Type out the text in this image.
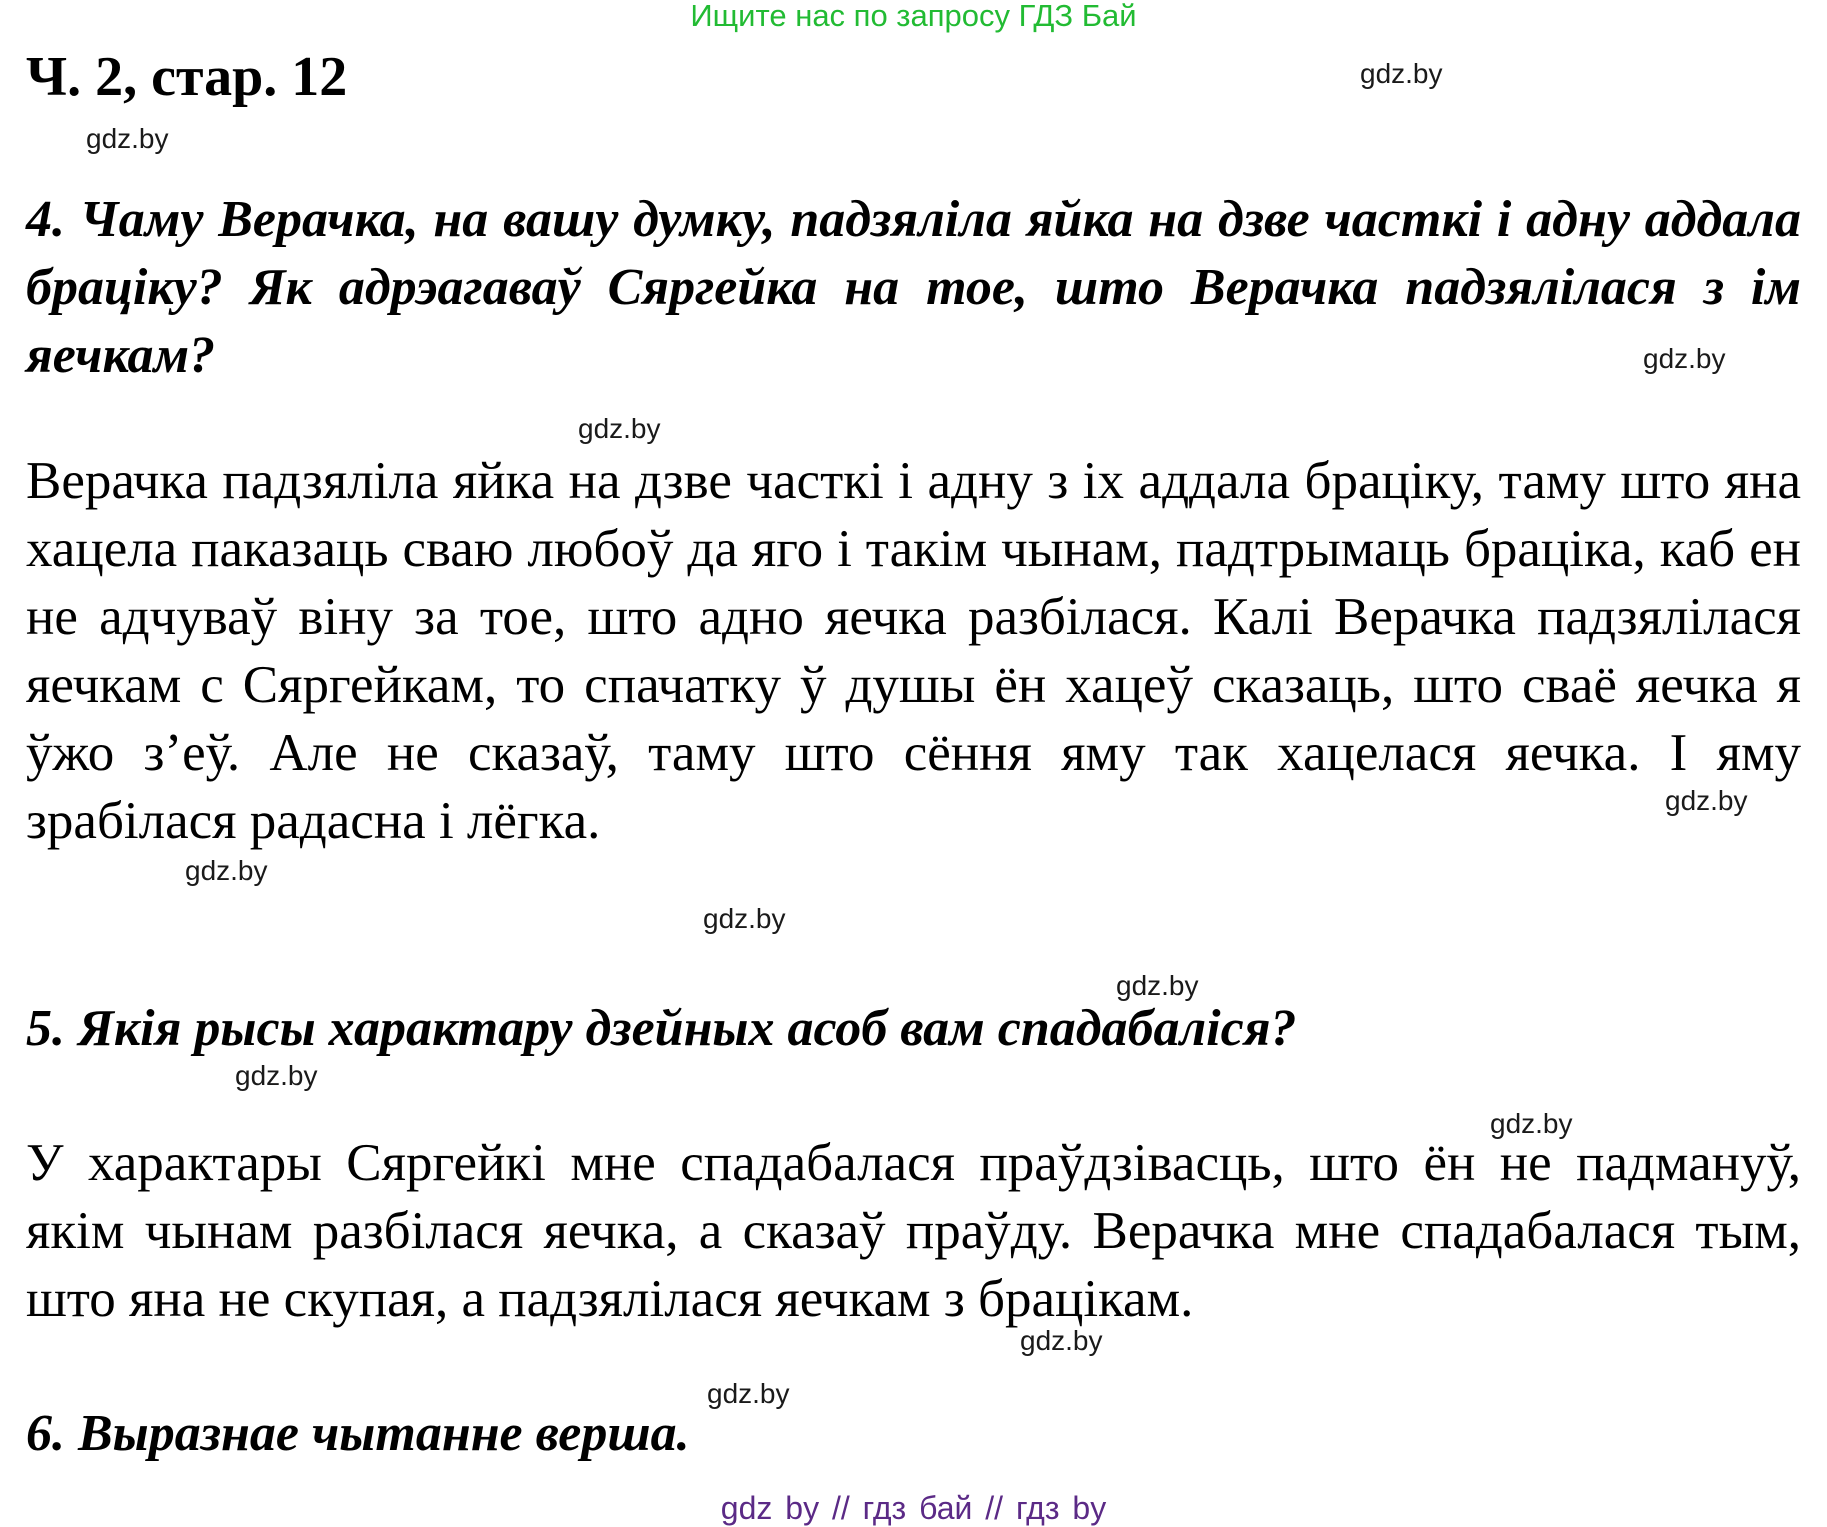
Ищите нас по запросу ГДЗ Бай
Ч. 2, стар. 12

4. Чаму Верачка, на вашу думку, падзяліла яйка на дзве часткі і адну аддала брацiку? Як адрэагаваў Сяргейка на тое, што Верачка падзялілася з ім яечкам?

Верачка падзяліла яйка на дзве часткі і адну з іх аддала брацiку, таму што яна хацела паказаць сваю любоў да яго і такім чынам, падтрымаць брацiка, каб ен не адчуваў віну за тое, што адно яечка разбілася. Калі Верачка падзялілася яечкам с Сяргейкам, то спачатку ў душы ён хацеў сказаць, што сваё яечка я ўжо з’еў. Але не сказаў, таму што сёння яму так хацелася яечка. І яму зрабілася радасна і лёгка.

5. Якія рысы характару дзейных асоб вам спадабаліся?

У характары Сяргейкі мне спадабалася праўдзівасць, што ён не падмануў, якім чынам разбілася яечка, а сказаў праўду. Верачка мне спадабалася тым, што яна не скупая, а падзялілася яечкам з брацiкам.

6. Выразнае чытанне верша.

gdz.by
gdz.by
gdz.by
gdz.by
gdz.by
gdz.by
gdz.by
gdz.by
gdz.by
gdz.by
gdz.by
gdz.by
gdz by // гдз бай // гдз by
